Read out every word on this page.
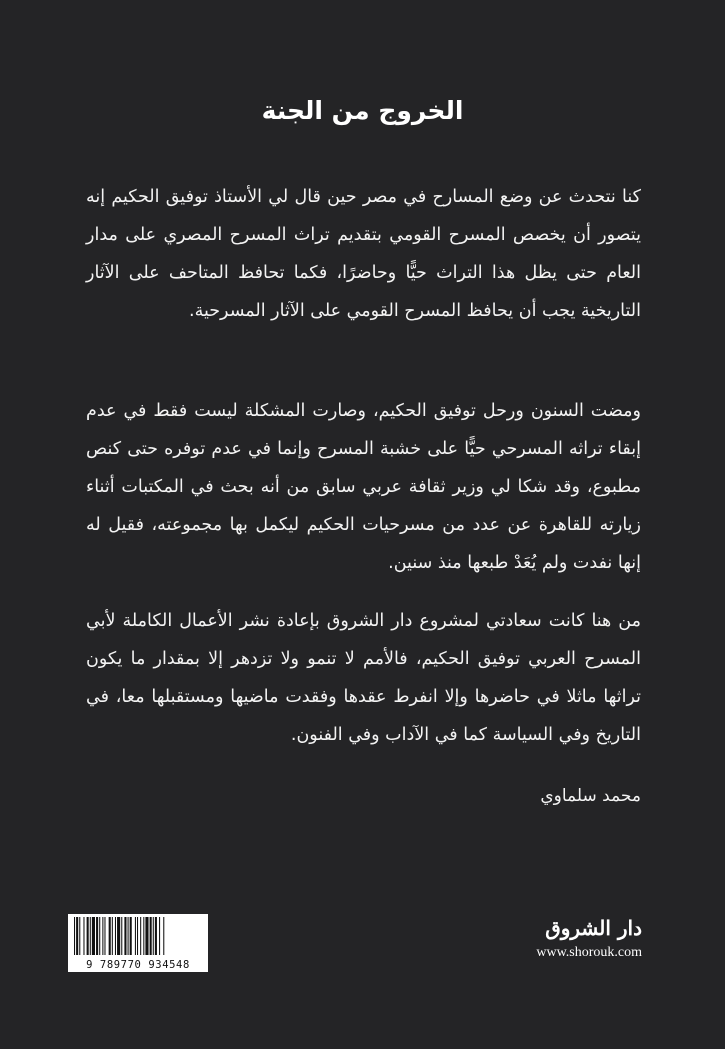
الخروج من الجنة

كنا نتحدث عن وضع المسارح في مصر حين قال لي الأستاذ توفيق الحكيم إنه يتصور أن يخصص المسرح القومي بتقديم تراث المسرح المصري على مدار العام حتى يظل هذا التراث حيًّا وحاضرًا، فكما تحافظ المتاحف على الآثار التاريخية يجب أن يحافظ المسرح القومي على الآثار المسرحية.

ومضت السنون ورحل توفيق الحكيم، وصارت المشكلة ليست فقط في عدم إبقاء تراثه المسرحي حيًّا على خشبة المسرح وإنما في عدم توفره حتى كنص مطبوع، وقد شكا لي وزير ثقافة عربي سابق من أنه بحث في المكتبات أثناء زيارته للقاهرة عن عدد من مسرحيات الحكيم ليكمل بها مجموعته، فقيل له إنها نفدت ولم يُعَدْ طبعها منذ سنين.

من هنا كانت سعادتي لمشروع دار الشروق بإعادة نشر الأعمال الكاملة لأبي المسرح العربي توفيق الحكيم، فالأمم لا تنمو ولا تزدهر إلا بمقدار ما يكون تراثها ماثلا في حاضرها وإلا انفرط عقدها وفقدت ماضيها ومستقبلها معا، في التاريخ وفي السياسة كما في الآداب وفي الفنون.

محمد سلماوي
9 789770 934548
دار الشروق
www.shorouk.com
